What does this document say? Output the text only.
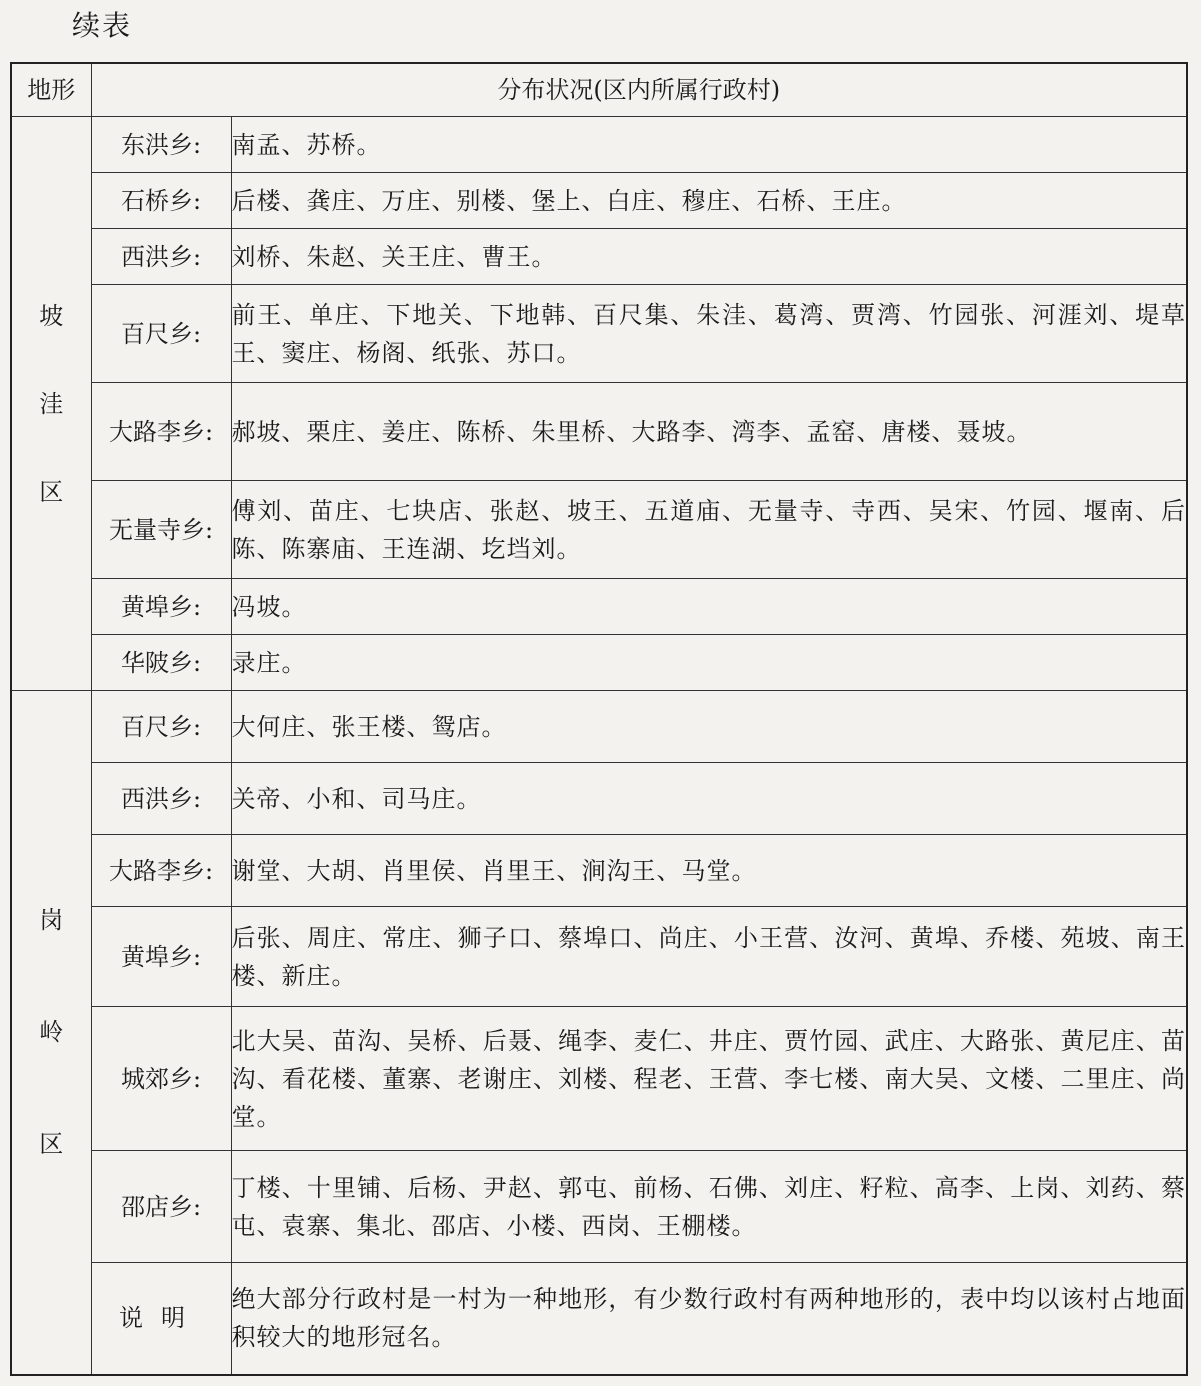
续表
地形	分布状况(区内所属行政村)	
坡洼区	东洪乡:	南孟、苏桥。
	石桥乡:	后楼、龚庄、万庄、别楼、堡上、白庄、穆庄、石桥、王庄。
	西洪乡:	刘桥、朱赵、关王庄、曹王。
	百尺乡:	前王、单庄、下地关、下地韩、百尺集、朱洼、葛湾、贾湾、竹园张、河涯刘、堤草王、窦庄、杨阁、纸张、苏口。
	大路李乡:	郝坡、栗庄、姜庄、陈桥、朱里桥、大路李、湾李、孟窑、唐楼、聂坡。
	无量寺乡:	傅刘、苗庄、七块店、张赵、坡王、五道庙、无量寺、寺西、吴宋、竹园、堰南、后陈、陈寨庙、王连湖、圪垱刘。
	黄埠乡:	冯坡。
	华陂乡:	录庄。
岗岭区	百尺乡:	大何庄、张王楼、鸳店。
	西洪乡:	关帝、小和、司马庄。
	大路李乡:	谢堂、大胡、肖里侯、肖里王、涧沟王、马堂。
	黄埠乡:	后张、周庄、常庄、狮子口、蔡埠口、尚庄、小王营、汝河、黄埠、乔楼、苑坡、南王楼、新庄。
	城郊乡:	北大吴、苗沟、吴桥、后聂、绳李、麦仁、井庄、贾竹园、武庄、大路张、黄尼庄、苗沟、看花楼、董寨、老谢庄、刘楼、程老、王营、李七楼、南大吴、文楼、二里庄、尚堂。
	邵店乡:	丁楼、十里铺、后杨、尹赵、郭屯、前杨、石佛、刘庄、籽粒、高李、上岗、刘药、蔡屯、袁寨、集北、邵店、小楼、西岗、王棚楼。
	说明	绝大部分行政村是一村为一种地形，有少数行政村有两种地形的，表中均以该村占地面积较大的地形冠名。
